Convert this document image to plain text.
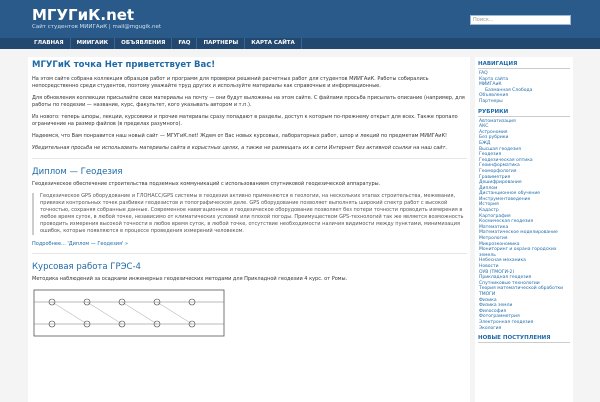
МГУГиК.net
Сайт студентов МИИГАиК | mail@mgugik.net
Поиск...
ГЛАВНАЯ	МИИГАИК	ОБЪЯВЛЕНИЯ	FAQ	ПАРТНЕРЫ	КАРТА САЙТА
МГУГиК точка Нет приветствует Вас!

На этом сайте собрана коллекция образцов работ и программ для проверки решений расчетных работ для студентов МИИГАиК. Работы собирались непосредственно среди студентов, поэтому уважайте труд других и используйте материалы как справочные и информационные.

Для обновления коллекции присылайте свои материалы на почту — они будут выложены на этом сайте. С файлами просьба присылать описание (например, для работы по геодезии — название, курс, факультет, кого указывать автором и т.п.).

Из нового: теперь шпоры, лекции, курсовики и прочие материалы сразу попадают в разделы, доступ к которым по-прежнему открыт для всех. Также пропало ограничение на размер файлов (в пределах разумного).

Надеемся, что Вам понравится наш новый сайт — МГУГиК.net! Ждем от Вас новых курсовых, лабораторных работ, шпор и лекций по предметам МИИГАиК!

Убедительная просьба не использовать материалы сайта в корыстных целях, а также не размещать их в сети Интернет без активной ссылки на наш сайт.

Диплом — Геодезия

Геодезическое обеспечение строительства подземных коммуникаций с использованием спутниковой геодезической аппаратуры.

Геодезическое GPS оборудование и ГЛОНАСС/GPS системы в геодезии активно применяются в геологии, на нескольких этапах строительства, межевания, привязки контрольных точек разбивки геодезистов и топографическом деле. GPS оборудование позволяет выполнять широкий спектр работ с высокой точностью, сохраняя собранные данные. Современное навигационное и геодезическое оборудование позволяет без потери точности проводить измерения в любое время суток, в любой точке, независимо от климатических условий или плохой погоды. Преимуществом GPS-технологий так же является возможность проводить измерения высокой точности в любое время суток, в любой точке, отсутствие необходимости наличия видимости между пунктами, минимизация ошибок, которые появляются в процессе проведения измерений человеком.
Подробнее... 'Диплом — Геодезия' »
Курсовая работа ГРЭС-4

Методика наблюдений за осадками инженерных геодезических методами для Прикладной геодезии 4 курс. от Ромы.

НАВИГАЦИЯ
FAQ
Карта сайта
МИИГАиК
Базманная Слобода
Объявления
Партнеры
РУБРИКИ
Автоматизация
АКС
Астрономия
Без рубрики
БЖД
Высшая геодезия
Геодезия
Геодезическая оптика
Геоинформатика
Геоморфология
Гравиметрия
Дешифрирование
Диплом
Дистанционное обучение
Инструментоведение
История
Кадастр
Картография
Космическая геодезия
Математика
Математическое моделирование
Метрология
Микроэкономика
Мониторинг и охрана городских земель
Небесная механика
Новости
ОУВ (ТМОГИ-2)
Прикладная геодезия
Спутниковые технологии
Теория математической обработки
ТМОГИ
Физика
Физика земли
Философия
Фотограмметрия
Электронная геодезия
Экология
НОВЫЕ ПОСТУПЛЕНИЯ
